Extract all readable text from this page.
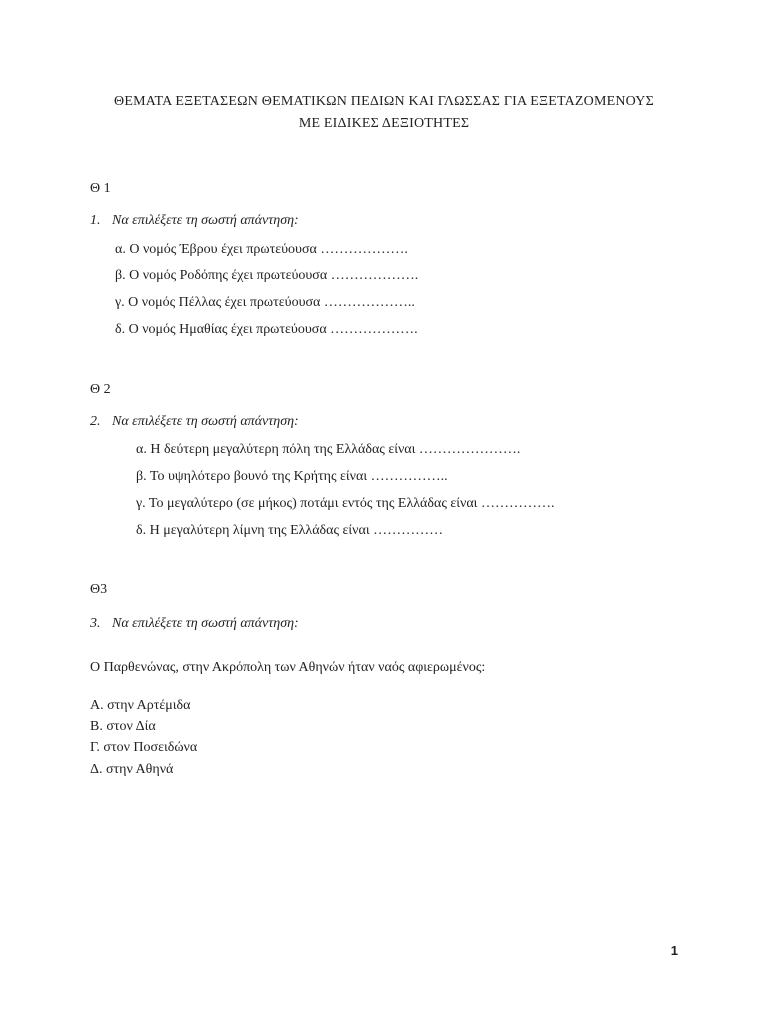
ΘΕΜΑΤΑ ΕΞΕΤΑΣΕΩΝ ΘΕΜΑΤΙΚΩΝ ΠΕΔΙΩΝ ΚΑΙ ΓΛΩΣΣΑΣ ΓΙΑ ΕΞΕΤΑΖΟΜΕΝΟΥΣ
ΜΕ ΕΙΔΙΚΕΣ ΔΕΞΙΟΤΗΤΕΣ
Θ 1
1. Να επιλέξετε τη σωστή απάντηση:
α. Ο νομός Έβρου έχει πρωτεύουσα ……………….
β. Ο νομός Ροδόπης έχει πρωτεύουσα ……………….
γ. Ο νομός Πέλλας έχει πρωτεύουσα ………………..
δ. Ο νομός Ημαθίας έχει πρωτεύουσα ……………….
Θ 2
2. Να επιλέξετε τη σωστή απάντηση:
α. Η δεύτερη μεγαλύτερη πόλη της Ελλάδας είναι ………………….
β. Το υψηλότερο βουνό της Κρήτης είναι ……………..
γ. Το μεγαλύτερο (σε μήκος) ποτάμι εντός της Ελλάδας είναι …………….
δ. Η μεγαλύτερη λίμνη της Ελλάδας είναι ……………
Θ3
3. Να επιλέξετε τη σωστή απάντηση:
Ο Παρθενώνας, στην Ακρόπολη των Αθηνών ήταν ναός αφιερωμένος:
Α. στην Αρτέμιδα
Β. στον Δία
Γ. στον Ποσειδώνα
Δ. στην Αθηνά
1
